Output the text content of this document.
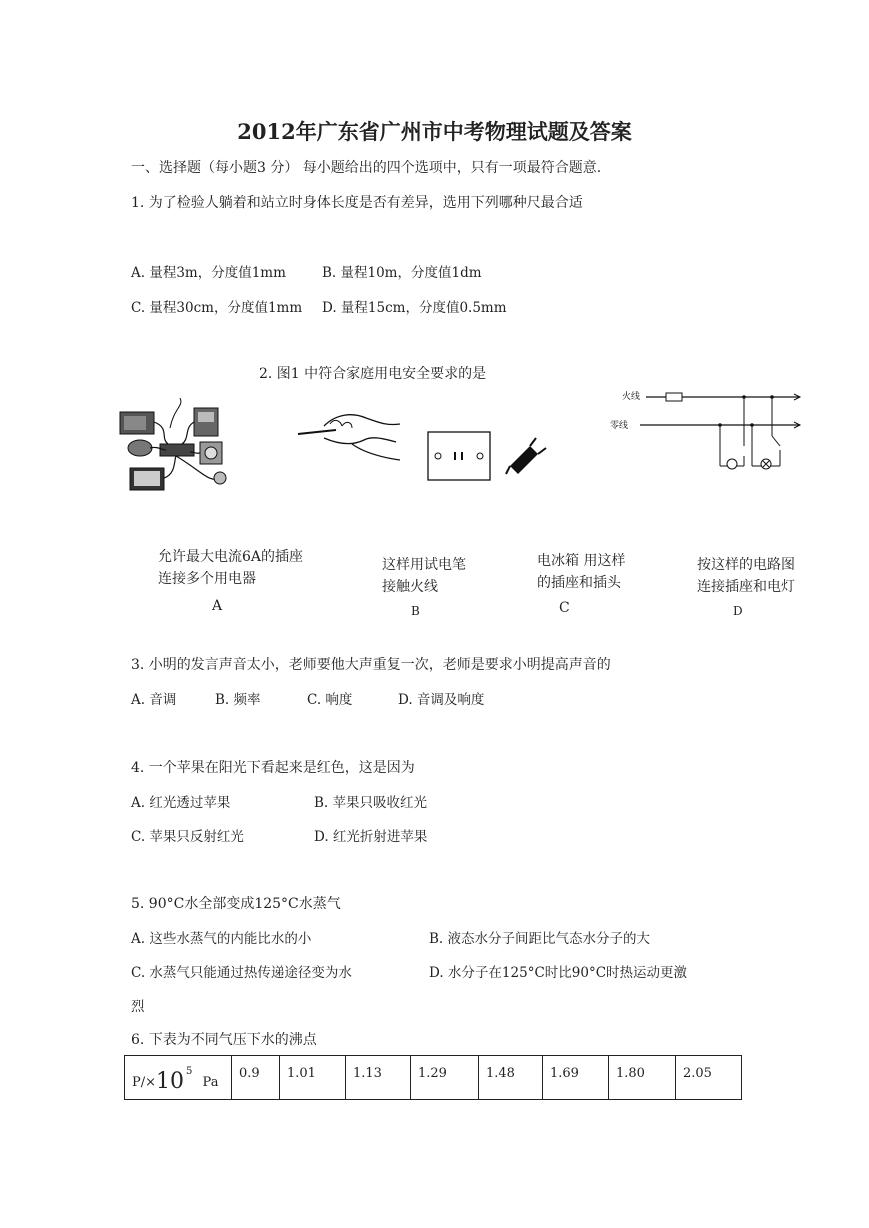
2012年广东省广州市中考物理试题及答案
一、选择题（每小题3 分） 每小题给出的四个选项中，只有一项最符合题意.
1. 为了检验人躺着和站立时身体长度是否有差异，选用下列哪种尺最合适
A. 量程3m，分度值1mm	B. 量程10m，分度值1dm
C. 量程30cm，分度值1mm D. 量程15cm，分度值0.5mm
2. 图1 中符合家庭用电安全要求的是
火线
零线
允许最大电流6A的插座
连接多个用电器
A
这样用试电笔
接触火线
B
电冰箱 用这样
的插座和插头
C
按这样的电路图
连接插座和电灯
D
3. 小明的发言声音太小，老师要他大声重复一次，老师是要求小明提高声音的
A. 音调	B. 频率	C. 响度	D. 音调及响度
4. 一个苹果在阳光下看起来是红色，这是因为
A. 红光透过苹果	B. 苹果只吸收红光
C. 苹果只反射红光	D. 红光折射进苹果
5. 90°C水全部变成125°C水蒸气
A. 这些水蒸气的内能比水的小	B. 液态水分子间距比气态水分子的大
C. 水蒸气只能通过热传递途径变为水	D. 水分子在125°C时比90°C时热运动更激
烈
6. 下表为不同气压下水的沸点
P/×10 $^5$ Pa	0.9	1.01	1.13	1.29	1.48	1.69	1.80	2.05
